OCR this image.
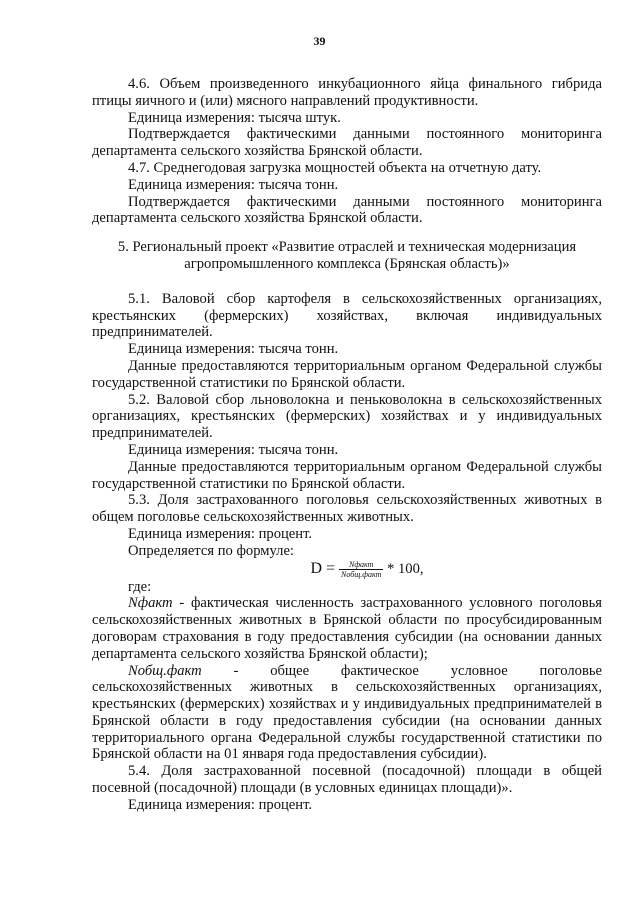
39

4.6. Объем произведенного инкубационного яйца финального гибрида птицы яичного и (или) мясного направлений продуктивности.

Единица измерения: тысяча штук.

Подтверждается фактическими данными постоянного мониторинга департамента сельского хозяйства Брянской области.

4.7. Среднегодовая загрузка мощностей объекта на отчетную дату.

Единица измерения: тысяча тонн.

Подтверждается фактическими данными постоянного мониторинга департамента сельского хозяйства Брянской области.

5. Региональный проект «Развитие отраслей и техническая модернизация агропромышленного комплекса (Брянская область)»

5.1. Валовой сбор картофеля в сельскохозяйственных организациях, крестьянских (фермерских) хозяйствах, включая индивидуальных предпринимателей.

Единица измерения: тысяча тонн.

Данные предоставляются территориальным органом Федеральной службы государственной статистики по Брянской области.

5.2. Валовой сбор льноволокна и пеньковолокна в сельскохозяйственных организациях, крестьянских (фермерских) хозяйствах и у индивидуальных предпринимателей.

Единица измерения: тысяча тонн.

Данные предоставляются территориальным органом Федеральной службы государственной статистики по Брянской области.

5.3. Доля застрахованного поголовья сельскохозяйственных животных в общем поголовье сельскохозяйственных животных.

Единица измерения: процент.

Определяется по формуле:

$D = \frac{\text{Nфакт}}{\text{Nобщ.факт}} * 100$,

где:

Nфакт - фактическая численность застрахованного условного поголовья сельскохозяйственных животных в Брянской области по просубсидированным договорам страхования в году предоставления субсидии (на основании данных департамента сельского хозяйства Брянской области);

Nобщ.факт - общее фактическое условное поголовье сельскохозяйственных животных в сельскохозяйственных организациях, крестьянских (фермерских) хозяйствах и у индивидуальных предпринимателей в Брянской области в году предоставления субсидии (на основании данных территориального органа Федеральной службы государственной статистики по Брянской области на 01 января года предоставления субсидии).

5.4. Доля застрахованной посевной (посадочной) площади в общей посевной (посадочной) площади (в условных единицах площади)».

Единица измерения: процент.
